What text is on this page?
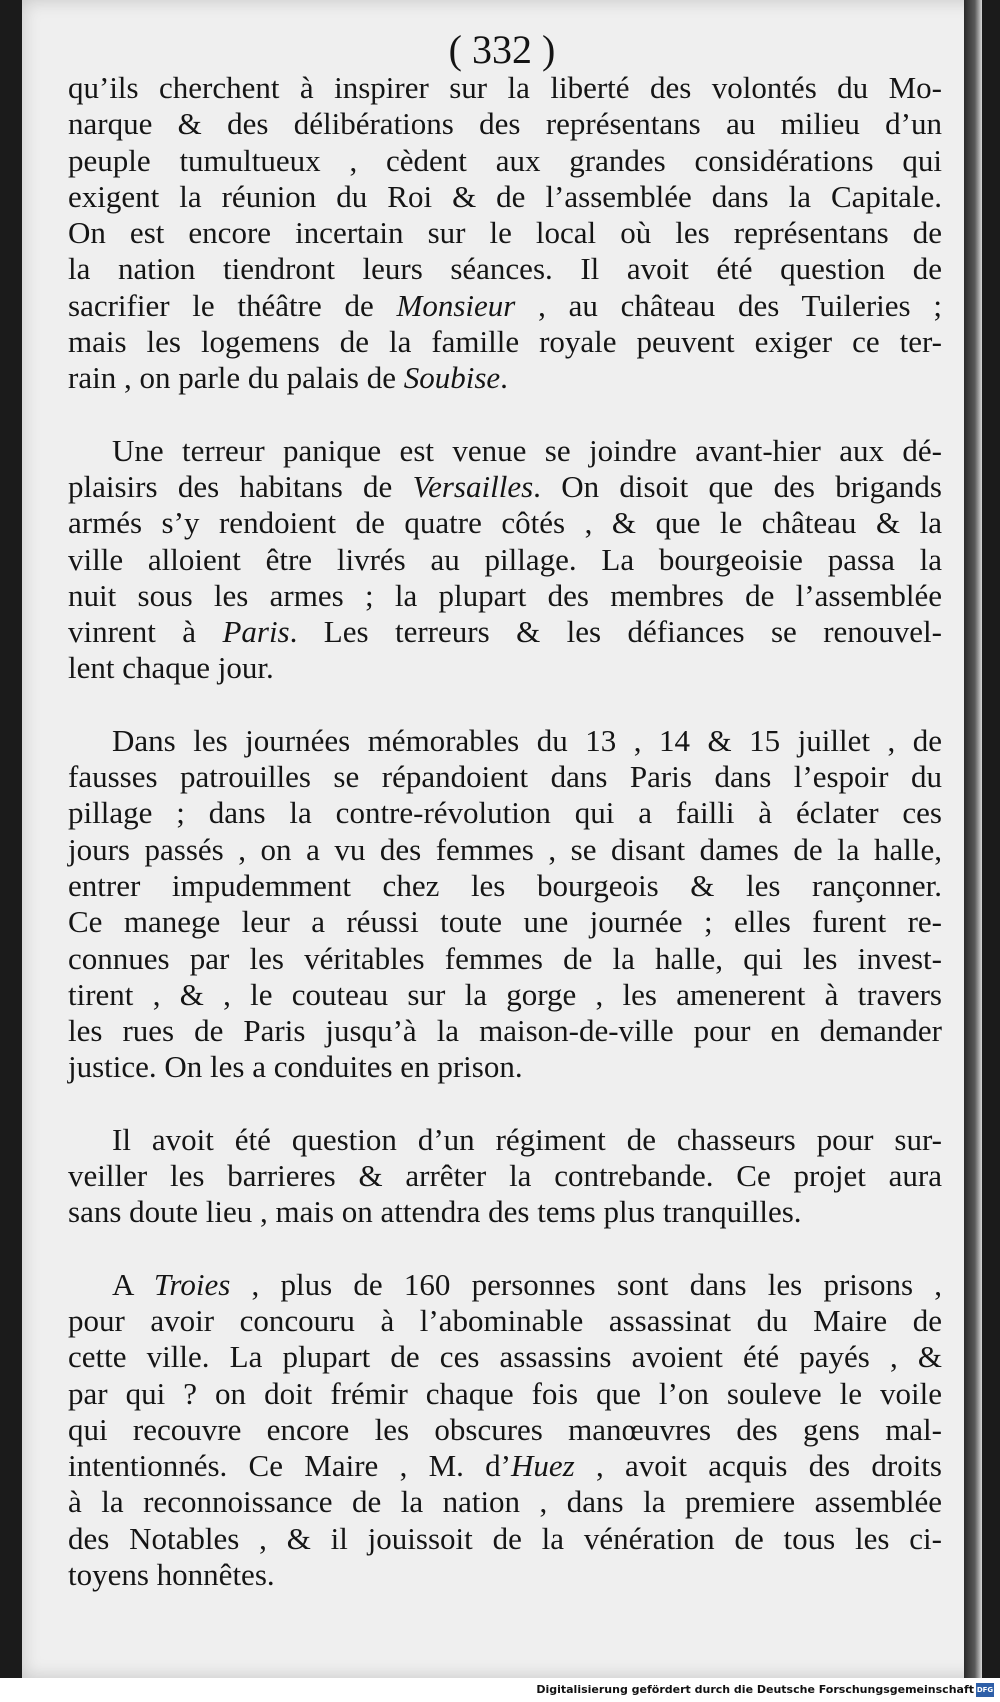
( 332 )
qu’ils cherchent à inspirer sur la liberté des volontés du Mo-
narque & des délibérations des représentans au milieu d’un
peuple tumultueux , cèdent aux grandes considérations qui
exigent la réunion du Roi & de l’assemblée dans la Capitale.
On est encore incertain sur le local où les représentans de
la nation tiendront leurs séances. Il avoit été question de
sacrifier le théâtre de Monsieur , au château des Tuileries ;
mais les logemens de la famille royale peuvent exiger ce ter-
rain , on parle du palais de Soubise.
Une terreur panique est venue se joindre avant-hier aux dé-
plaisirs des habitans de Versailles. On disoit que des brigands
armés s’y rendoient de quatre côtés , & que le château & la
ville alloient être livrés au pillage. La bourgeoisie passa la
nuit sous les armes ; la plupart des membres de l’assemblée
vinrent à Paris. Les terreurs & les défiances se renouvel-
lent chaque jour.
Dans les journées mémorables du 13 , 14 & 15 juillet , de
fausses patrouilles se répandoient dans Paris dans l’espoir du
pillage ; dans la contre-révolution qui a failli à éclater ces
jours passés , on a vu des femmes , se disant dames de la halle,
entrer impudemment chez les bourgeois & les rançonner.
Ce manege leur a réussi toute une journée ; elles furent re-
connues par les véritables femmes de la halle, qui les invest-
tirent , & , le couteau sur la gorge , les amenerent à travers
les rues de Paris jusqu’à la maison-de-ville pour en demander
justice. On les a conduites en prison.
Il avoit été question d’un régiment de chasseurs pour sur-
veiller les barrieres & arrêter la contrebande. Ce projet aura
sans doute lieu , mais on attendra des tems plus tranquilles.
A Troies , plus de 160 personnes sont dans les prisons ,
pour avoir concouru à l’abominable assassinat du Maire de
cette ville. La plupart de ces assassins avoient été payés , &
par qui ? on doit frémir chaque fois que l’on souleve le voile
qui recouvre encore les obscures manœuvres des gens mal-
intentionnés. Ce Maire , M. d’Huez , avoit acquis des droits
à la reconnoissance de la nation , dans la premiere assemblée
des Notables , & il jouissoit de la vénération de tous les ci-
toyens honnêtes.
Digitalisierung gefördert durch die Deutsche Forschungsgemeinschaft DFG
